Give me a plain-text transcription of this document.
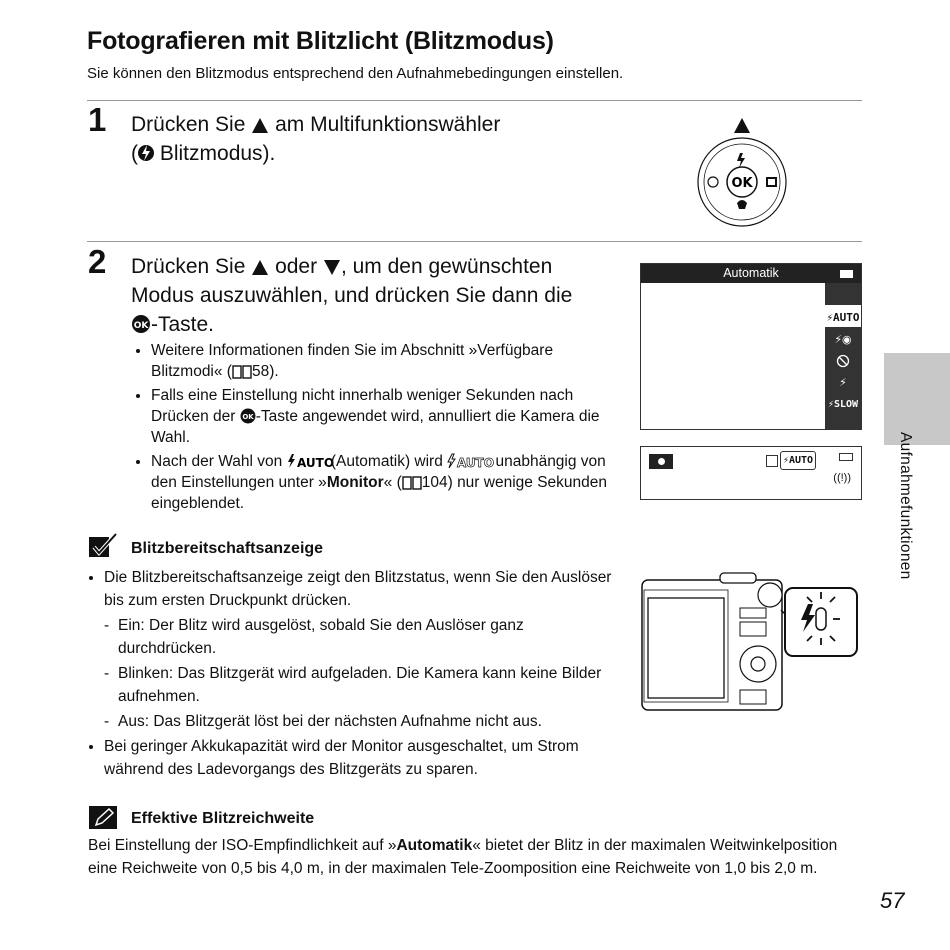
Fotografieren mit Blitzlicht (Blitzmodus)

Sie können den Blitzmodus entsprechend den Aufnahmebedingungen einstellen.

1 Drücken Sie am Multifunktionswähler
( Blitzmodus).

OK
2 Drücken Sie oder , um den gewünschten
Modus auszuwählen, und drücken Sie dann die

OK -Taste.

• Weitere Informationen finden Sie im Abschnitt »Verfügbare Blitzmodi« ( 58).
• Falls eine Einstellung nicht innerhalb weniger Sekunden nach Drücken der OK -Taste angewendet wird, annulliert die Kamera die Wahl.
• Nach der Wahl von AUTO
(Automatik) wird AUTO unabhängig von den Einstellungen unter »Monitor« ( 104) nur wenige Sekunden eingeblendet.
Automatik
⚡AUTO
⚡◉
⚡
⚡SLOW
⚡AUTO
((!))
Blitzbereitschaftsanzeige
• Die Blitzbereitschaftsanzeige zeigt den Blitzstatus, wenn Sie den Auslöser bis zum ersten Druckpunkt drücken.
- Ein: Der Blitz wird ausgelöst, sobald Sie den Auslöser ganz durchdrücken.
- Blinken: Das Blitzgerät wird aufgeladen. Die Kamera kann keine Bilder aufnehmen.
- Aus: Das Blitzgerät löst bei der nächsten Aufnahme nicht aus.
• Bei geringer Akkukapazität wird der Monitor ausgeschaltet, um Strom während des Ladevorgangs des Blitzgeräts zu sparen.
Effektive Blitzreichweite

Bei Einstellung der ISO-Empfindlichkeit auf »Automatik« bietet der Blitz in der maximalen Weitwinkelposition eine Reichweite von 0,5 bis 4,0 m, in der maximalen Tele-Zoomposition eine Reichweite von 1,0 bis 2,0 m.

Aufnahmefunktionen
57
